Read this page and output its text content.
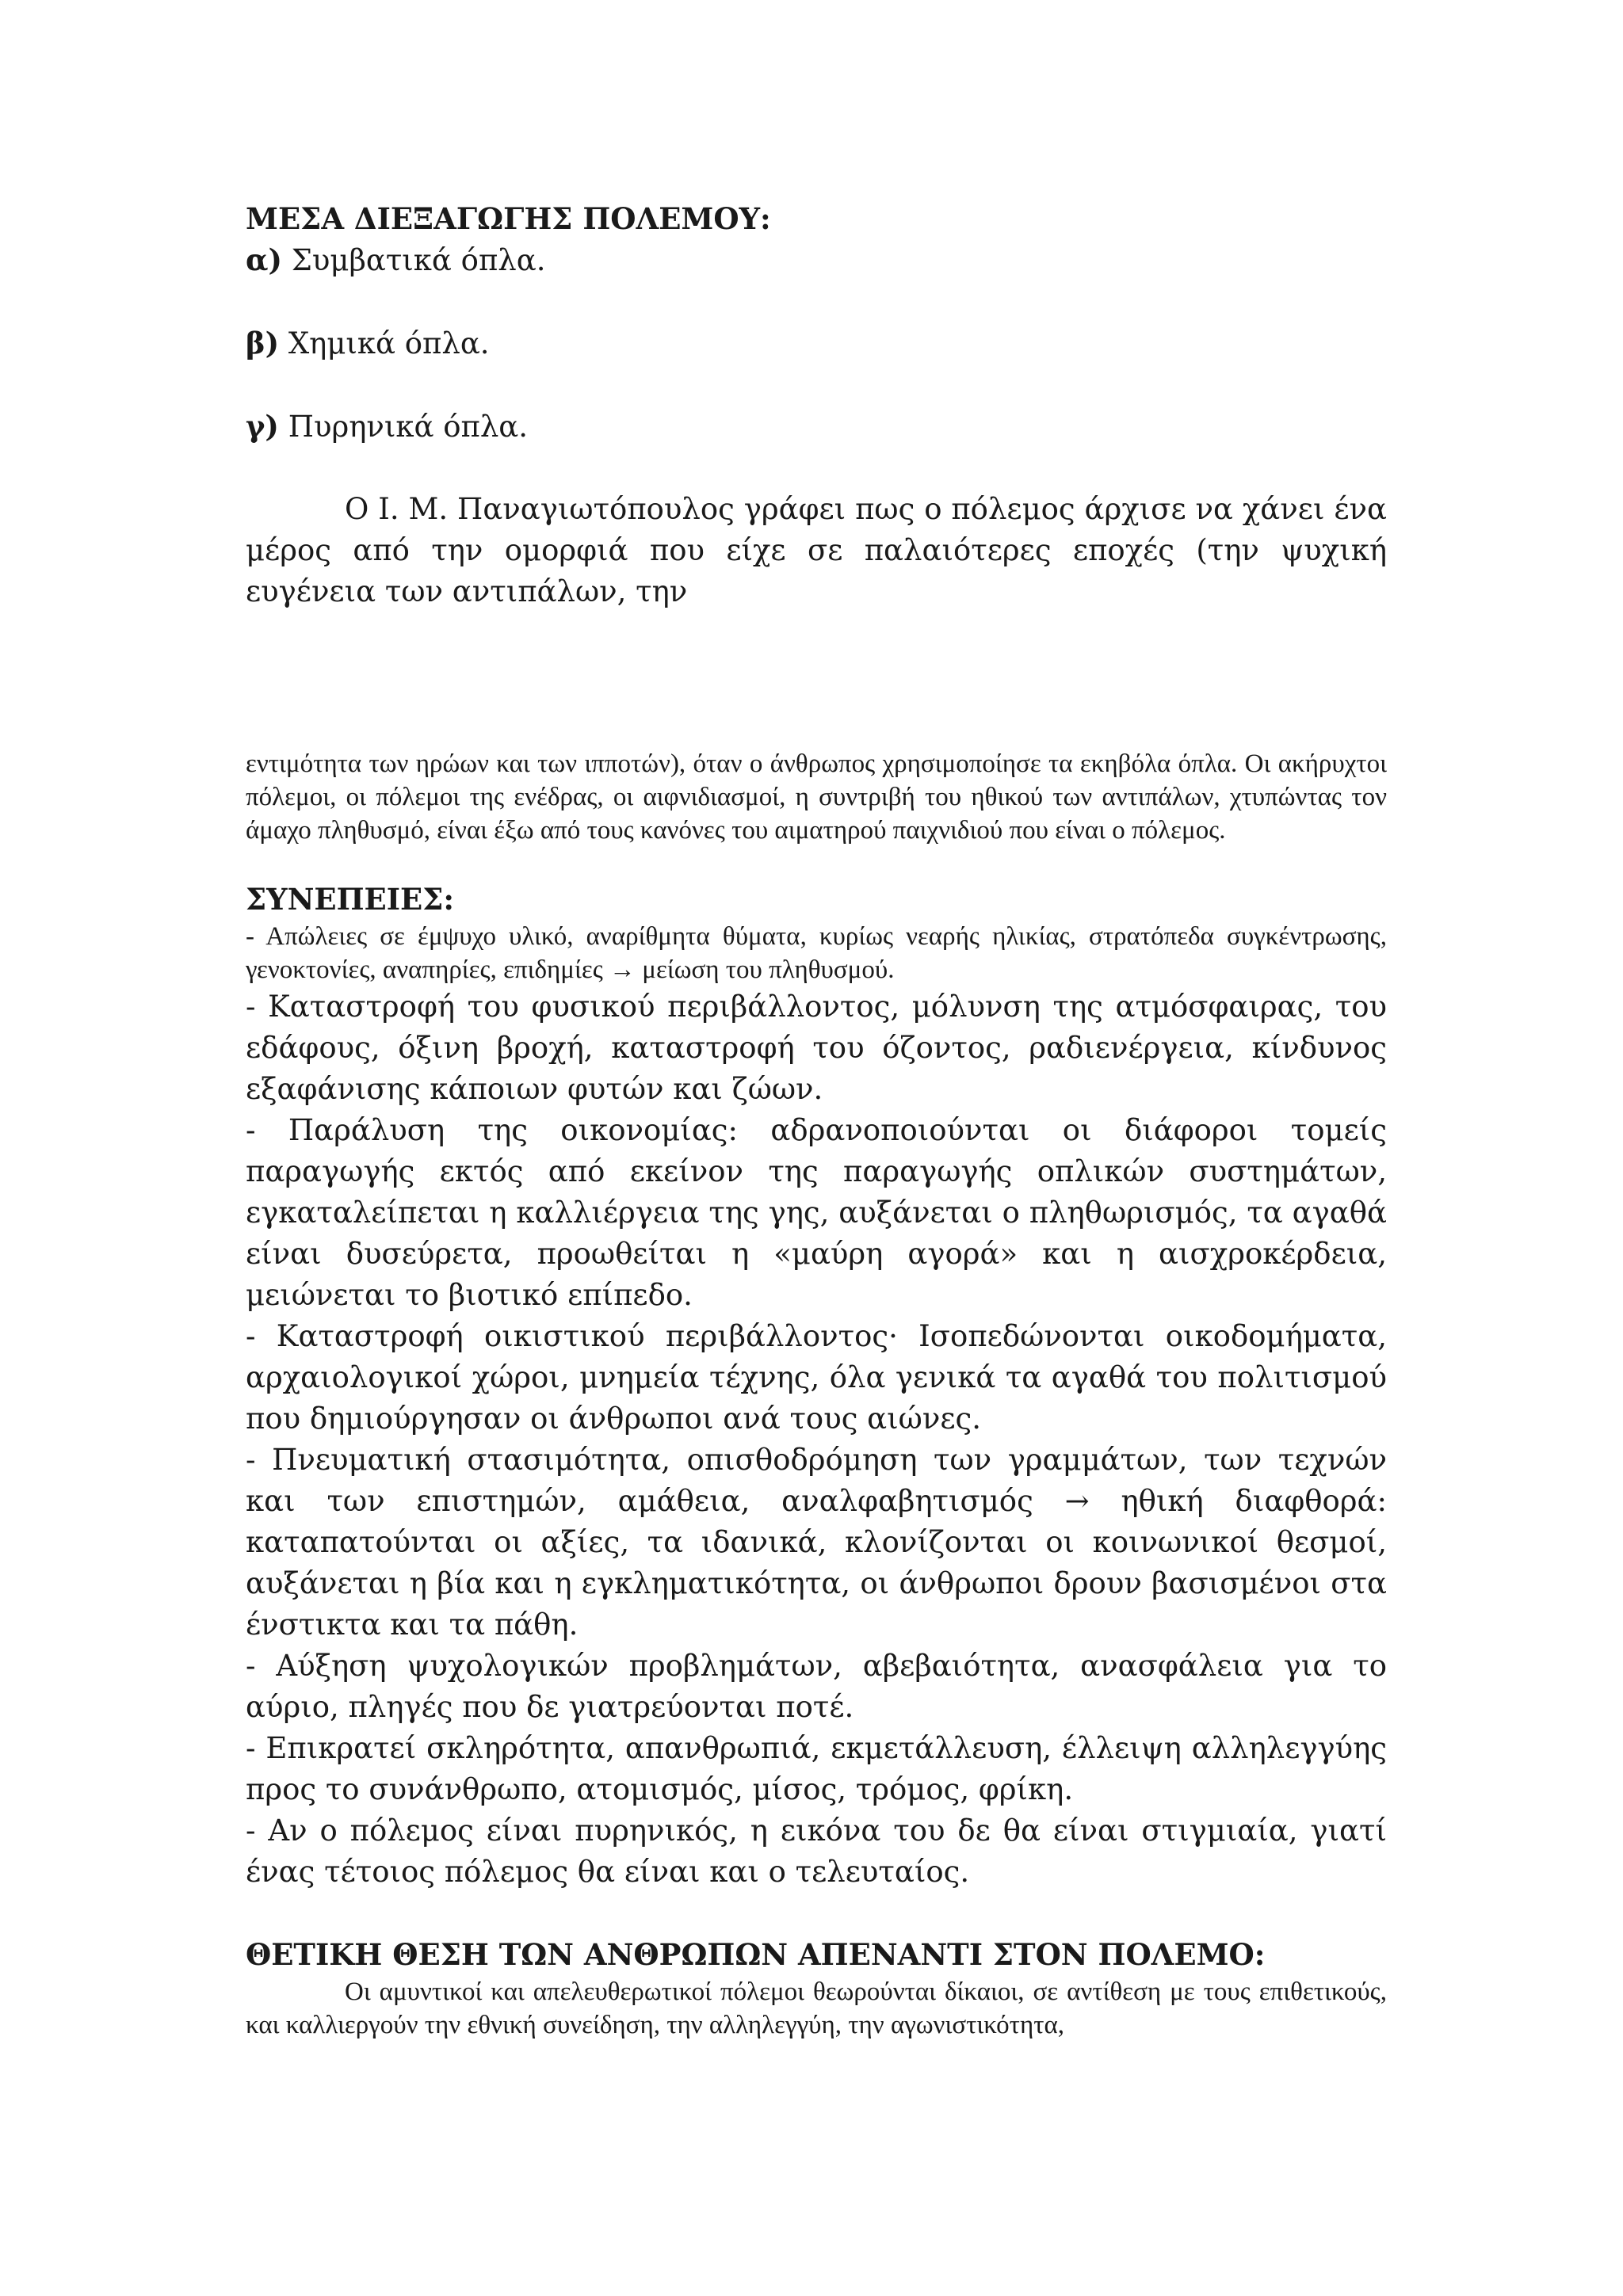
ΜΕΣΑ ΔΙΕΞΑΓΩΓΗΣ ΠΟΛΕΜΟΥ:

α) Συμβατικά όπλα.

β) Χημικά όπλα.

γ) Πυρηνικά όπλα.

Ο Ι. Μ. Παναγιωτόπουλος γράφει πως ο πόλεμος άρχισε να χάνει ένα μέρος από την ομορφιά που είχε σε παλαιότερες εποχές (την ψυχική ευγένεια των αντιπάλων, την

εντιμότητα των ηρώων και των ιπποτών), όταν ο άνθρωπος χρησιμοποίησε τα εκηβόλα όπλα. Οι ακήρυχτοι πόλεμοι, οι πόλεμοι της ενέδρας, οι αιφνιδιασμοί, η συντριβή του ηθικού των αντιπάλων, χτυπώντας τον άμαχο πληθυσμό, είναι έξω από τους κανόνες του αιματηρού παιχνιδιού που είναι ο πόλεμος.

ΣΥΝΕΠΕΙΕΣ:

- Απώλειες σε έμψυχο υλικό, αναρίθμητα θύματα, κυρίως νεαρής ηλικίας, στρατόπεδα συγκέντρωσης, γενοκτονίες, αναπηρίες, επιδημίες → μείωση του πληθυσμού.

- Καταστροφή του φυσικού περιβάλλοντος, μόλυνση της ατμόσφαιρας, του εδάφους, όξινη βροχή, καταστροφή του όζοντος, ραδιενέργεια, κίνδυνος εξαφάνισης κάποιων φυτών και ζώων.

- Παράλυση της οικονομίας: αδρανοποιούνται οι διάφοροι τομείς παραγωγής εκτός από εκείνον της παραγωγής οπλικών συστημάτων, εγκαταλείπεται η καλλιέργεια της γης, αυξάνεται ο πληθωρισμός, τα αγαθά είναι δυσεύρετα, προωθείται η «μαύρη αγορά» και η αισχροκέρδεια, μειώνεται το βιοτικό επίπεδο.

- Καταστροφή οικιστικού περιβάλλοντος· Ισοπεδώνονται οικοδομήματα, αρχαιολογικοί χώροι, μνημεία τέχνης, όλα γενικά τα αγαθά του πολιτισμού που δημιούργησαν οι άνθρωποι ανά τους αιώνες.

- Πνευματική στασιμότητα, οπισθοδρόμηση των γραμμάτων, των τεχνών και των επιστημών, αμάθεια, αναλφαβητισμός → ηθική διαφθορά: καταπατούνται οι αξίες, τα ιδανικά, κλονίζονται οι κοινωνικοί θεσμοί, αυξάνεται η βία και η εγκληματικότητα, οι άνθρωποι δρουν βασισμένοι στα ένστικτα και τα πάθη.

- Αύξηση ψυχολογικών προβλημάτων, αβεβαιότητα, ανασφάλεια για το αύριο, πληγές που δε γιατρεύονται ποτέ.

- Επικρατεί σκληρότητα, απανθρωπιά, εκμετάλλευση, έλλειψη αλληλεγγύης προς το συνάνθρωπο, ατομισμός, μίσος, τρόμος, φρίκη.

- Αν ο πόλεμος είναι πυρηνικός, η εικόνα του δε θα είναι στιγμιαία, γιατί ένας τέτοιος πόλεμος θα είναι και ο τελευταίος.

ΘΕΤΙΚΗ ΘΕΣΗ ΤΩΝ ΑΝΘΡΩΠΩΝ ΑΠΕΝΑΝΤΙ ΣΤΟΝ ΠΟΛΕΜΟ:

Οι αμυντικοί και απελευθερωτικοί πόλεμοι θεωρούνται δίκαιοι, σε αντίθεση με τους επιθετικούς, και καλλιεργούν την εθνική συνείδηση, την αλληλεγγύη, την αγωνιστικότητα,
